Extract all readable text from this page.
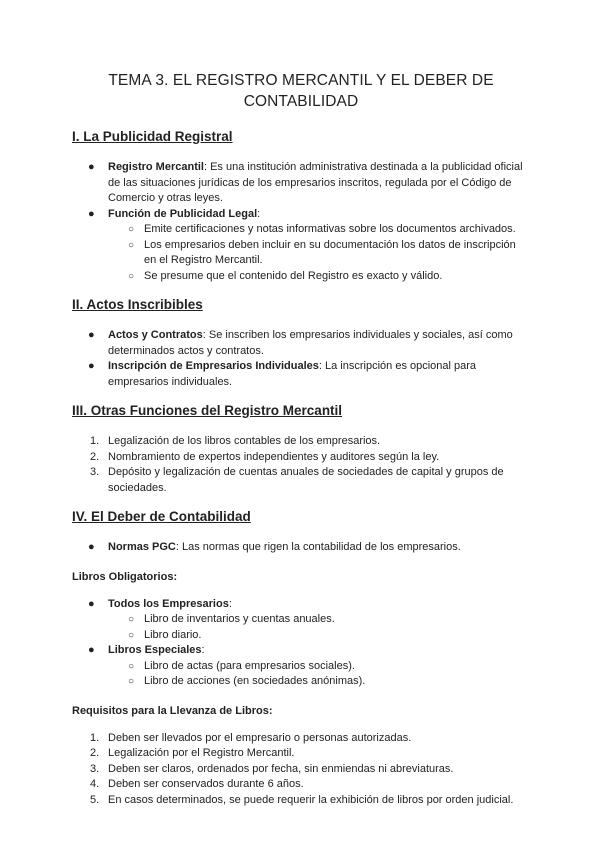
TEMA 3. EL REGISTRO MERCANTIL Y EL DEBER DE
CONTABILIDAD
I. La Publicidad Registral
●	Registro Mercantil: Es una institución administrativa destinada a la publicidad oficial de las situaciones jurídicas de los empresarios inscritos, regulada por el Código de Comercio y otras leyes.
●	Función de Publicidad Legal:
○ Emite certificaciones y notas informativas sobre los documentos archivados.
○ Los empresarios deben incluir en su documentación los datos de inscripción en el Registro Mercantil.
○ Se presume que el contenido del Registro es exacto y válido.
II. Actos Inscribibles
●	Actos y Contratos: Se inscriben los empresarios individuales y sociales, así como determinados actos y contratos.
●	Inscripción de Empresarios Individuales: La inscripción es opcional para empresarios individuales.
III. Otras Funciones del Registro Mercantil
1. Legalización de los libros contables de los empresarios.
2. Nombramiento de expertos independientes y auditores según la ley.
3. Depósito y legalización de cuentas anuales de sociedades de capital y grupos de sociedades.
IV. El Deber de Contabilidad
●	Normas PGC: Las normas que rigen la contabilidad de los empresarios.
Libros Obligatorios:
●	Todos los Empresarios:
○ Libro de inventarios y cuentas anuales.
○ Libro diario.
●	Libros Especiales:
○ Libro de actas (para empresarios sociales).
○ Libro de acciones (en sociedades anónimas).
Requisitos para la Llevanza de Libros:
1. Deben ser llevados por el empresario o personas autorizadas.
2. Legalización por el Registro Mercantil.
3. Deben ser claros, ordenados por fecha, sin enmiendas ni abreviaturas.
4. Deben ser conservados durante 6 años.
5. En casos determinados, se puede requerir la exhibición de libros por orden judicial.
